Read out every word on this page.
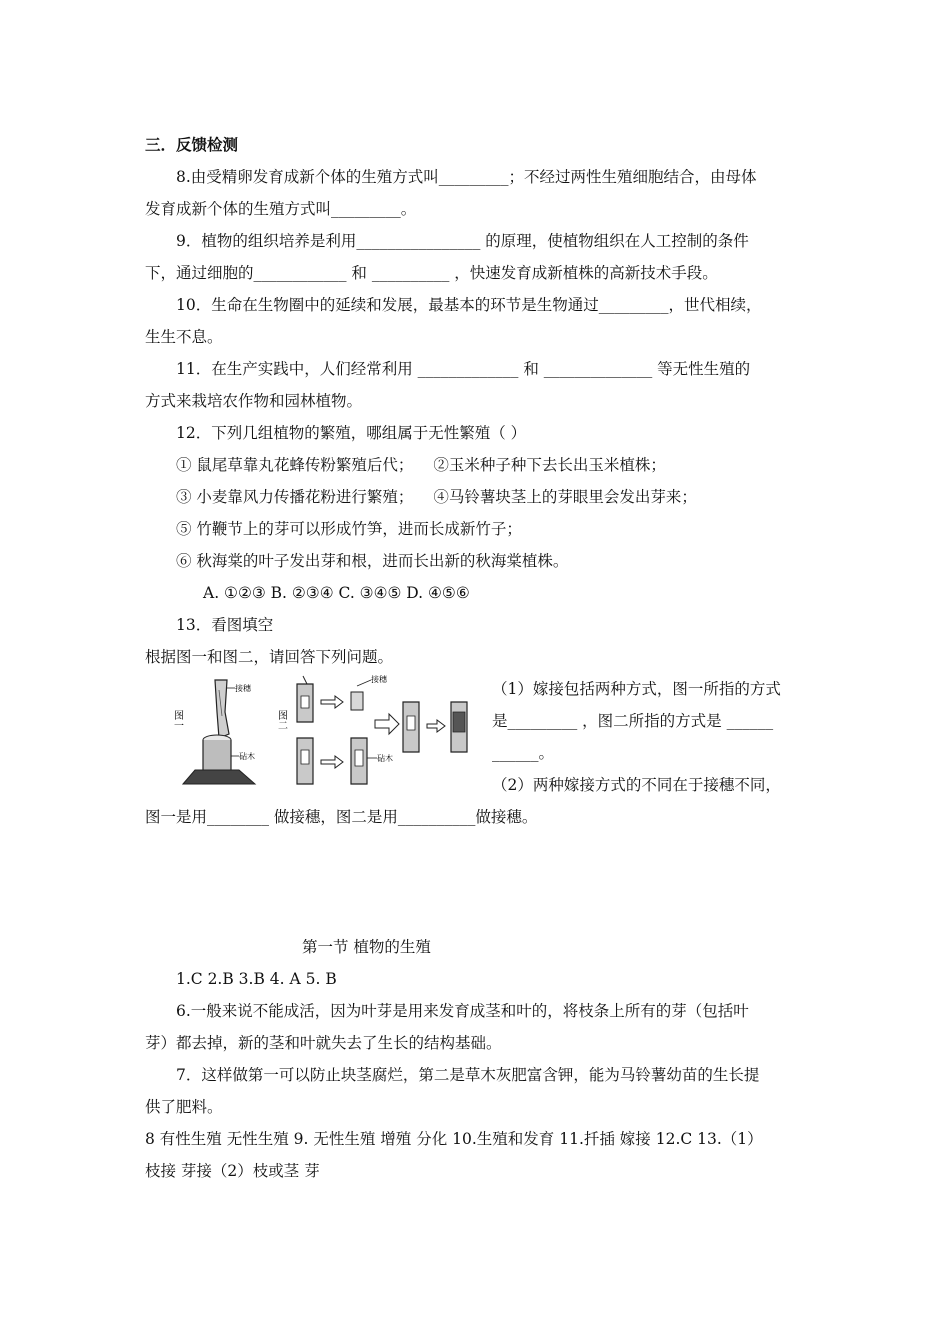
三．反馈检测
8.由受精卵发育成新个体的生殖方式叫_________；不经过两性生殖细胞结合，由母体
发育成新个体的生殖方式叫_________。
9．植物的组织培养是利用________________ 的原理，使植物组织在人工控制的条件
下，通过细胞的____________ 和 __________ ，快速发育成新植株的高新技术手段。
10．生命在生物圈中的延续和发展，最基本的环节是生物通过_________，世代相续，
生生不息。
11．在生产实践中，人们经常利用 _____________ 和 ______________ 等无性生殖的
方式来栽培农作物和园林植物。
12．下列几组植物的繁殖，哪组属于无性繁殖（ ）
① 鼠尾草靠丸花蜂传粉繁殖后代； ②玉米种子种下去长出玉米植株；
③ 小麦靠风力传播花粉进行繁殖； ④马铃薯块茎上的芽眼里会发出芽来；
⑤ 竹鞭节上的芽可以形成竹笋，进而长成新竹子；
⑥ 秋海棠的叶子发出芽和根，进而长出新的秋海棠植株。
A. ①②③ B. ②③④ C. ③④⑤ D. ④⑤⑥
13．看图填空
根据图一和图二，请回答下列问题。
图一
接穗
砧木
图二
接穗
砧木
（1）嫁接包括两种方式，图一所指的方式
是_________ ，图二所指的方式是 ______
______。
（2）两种嫁接方式的不同在于接穗不同，
图一是用________ 做接穗，图二是用__________做接穗。
第一节 植物的生殖
1.C 2.B 3.B 4. A 5. B
6.一般来说不能成活，因为叶芽是用来发育成茎和叶的，将枝条上所有的芽（包括叶
芽）都去掉，新的茎和叶就失去了生长的结构基础。
7．这样做第一可以防止块茎腐烂，第二是草木灰肥富含钾，能为马铃薯幼苗的生长提
供了肥料。
8 有性生殖 无性生殖 9. 无性生殖 增殖 分化 10.生殖和发育 11.扦插 嫁接 12.C 13.（1）
枝接 芽接（2）枝或茎 芽
